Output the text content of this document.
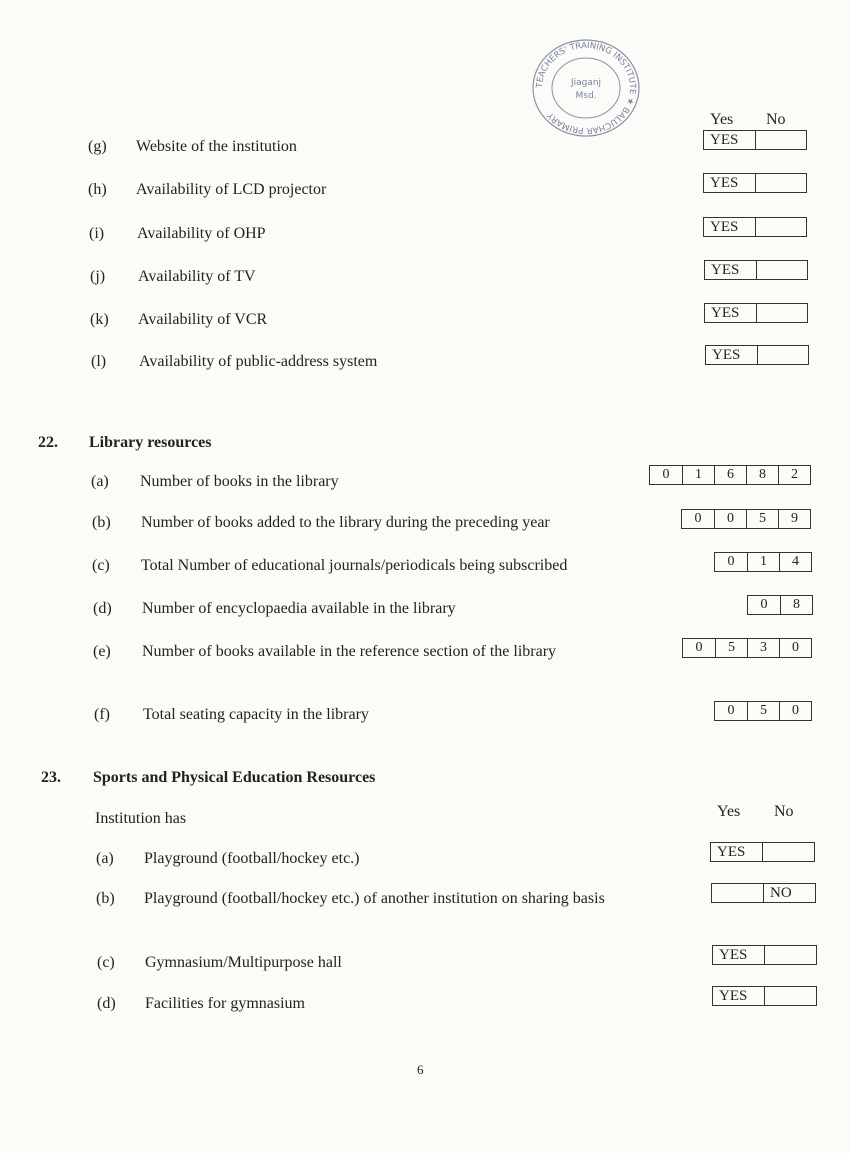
TEACHERS' TRAINING INSTITUTE ★ BALUCHAR PRIMARY
Jiaganj
Msd.
Yes No
(g) Website of the institution	YES
(h) Availability of LCD projector	YES
(i) Availability of OHP	YES
(j) Availability of TV	YES
(k) Availability of VCR	YES
(l) Availability of public-address system	YES
22. Library resources
(a) Number of books in the library	0	1	6	8	2
(b) Number of books added to the library during the preceding year	0	0	5	9
(c) Total Number of educational journals/periodicals being subscribed	0	1	4
(d) Number of encyclopaedia available in the library	0	8
(e) Number of books available in the reference section of the library	0	5	3	0
(f) Total seating capacity in the library	0	5	0
23. Sports and Physical Education Resources
Institution has	Yes No
(a) Playground (football/hockey etc.)	YES
(b) Playground (football/hockey etc.) of another institution on sharing basis	NO
(c) Gymnasium/Multipurpose hall	YES
(d) Facilities for gymnasium	YES
6
